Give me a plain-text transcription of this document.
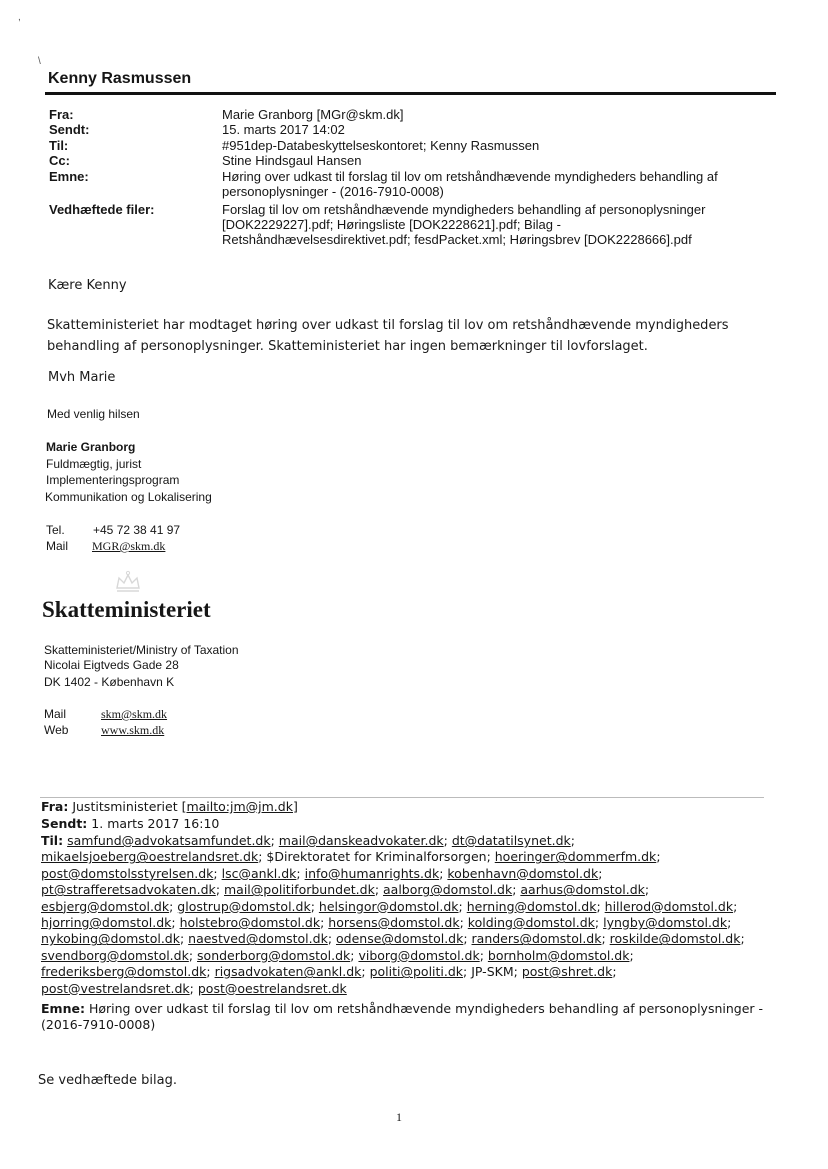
,
\
Kenny Rasmussen
Fra:	Marie Granborg [MGr@skm.dk]
Sendt:	15. marts 2017 14:02
Til:	#951dep-Databeskyttelseskontoret; Kenny Rasmussen
Cc:	Stine Hindsgaul Hansen
Emne:	Høring over udkast til forslag til lov om retshåndhævende myndigheders behandling af personoplysninger - (2016-7910-0008)
Vedhæftede filer:	Forslag til lov om retshåndhævende myndigheders behandling af personoplysninger [DOK2229227].pdf; Høringsliste [DOK2228621].pdf; Bilag - Retshåndhævelsesdirektivet.pdf; fesdPacket.xml; Høringsbrev [DOK2228666].pdf
Kære Kenny
Skatteministeriet har modtaget høring over udkast til forslag til lov om retshåndhævende myndigheders behandling af personoplysninger. Skatteministeriet har ingen bemærkninger til lovforslaget.
Mvh Marie
Med venlig hilsen
Marie Granborg
Fuldmægtig, jurist
Implementeringsprogram
Kommunikation og Lokalisering
Tel. +45 72 38 41 97
Mail MGR@skm.dk
Skatteministeriet
Skatteministeriet/Ministry of Taxation
Nicolai Eigtveds Gade 28
DK 1402 - København K
Mail	skm@skm.dk
Web	www.skm.dk
Fra: Justitsministeriet [mailto:jm@jm.dk]
Sendt: 1. marts 2017 16:10
Til: samfund@advokatsamfundet.dk; mail@danskeadvokater.dk; dt@datatilsynet.dk; mikaelsjoeberg@oestrelandsret.dk; $Direktoratet for Kriminalforsorgen; hoeringer@dommerfm.dk; post@domstolsstyrelsen.dk; lsc@ankl.dk; info@humanrights.dk; kobenhavn@domstol.dk; pt@strafferetsadvokaten.dk; mail@politiforbundet.dk; aalborg@domstol.dk; aarhus@domstol.dk; esbjerg@domstol.dk; glostrup@domstol.dk; helsingor@domstol.dk; herning@domstol.dk; hillerod@domstol.dk; hjorring@domstol.dk; holstebro@domstol.dk; horsens@domstol.dk; kolding@domstol.dk; lyngby@domstol.dk; nykobing@domstol.dk; naestved@domstol.dk; odense@domstol.dk; randers@domstol.dk; roskilde@domstol.dk; svendborg@domstol.dk; sonderborg@domstol.dk; viborg@domstol.dk; bornholm@domstol.dk; frederiksberg@domstol.dk; rigsadvokaten@ankl.dk; politi@politi.dk; JP-SKM; post@shret.dk; post@vestrelandsret.dk; post@oestrelandsret.dk
Emne: Høring over udkast til forslag til lov om retshåndhævende myndigheders behandling af personoplysninger - (2016-7910-0008)
Se vedhæftede bilag.
1
